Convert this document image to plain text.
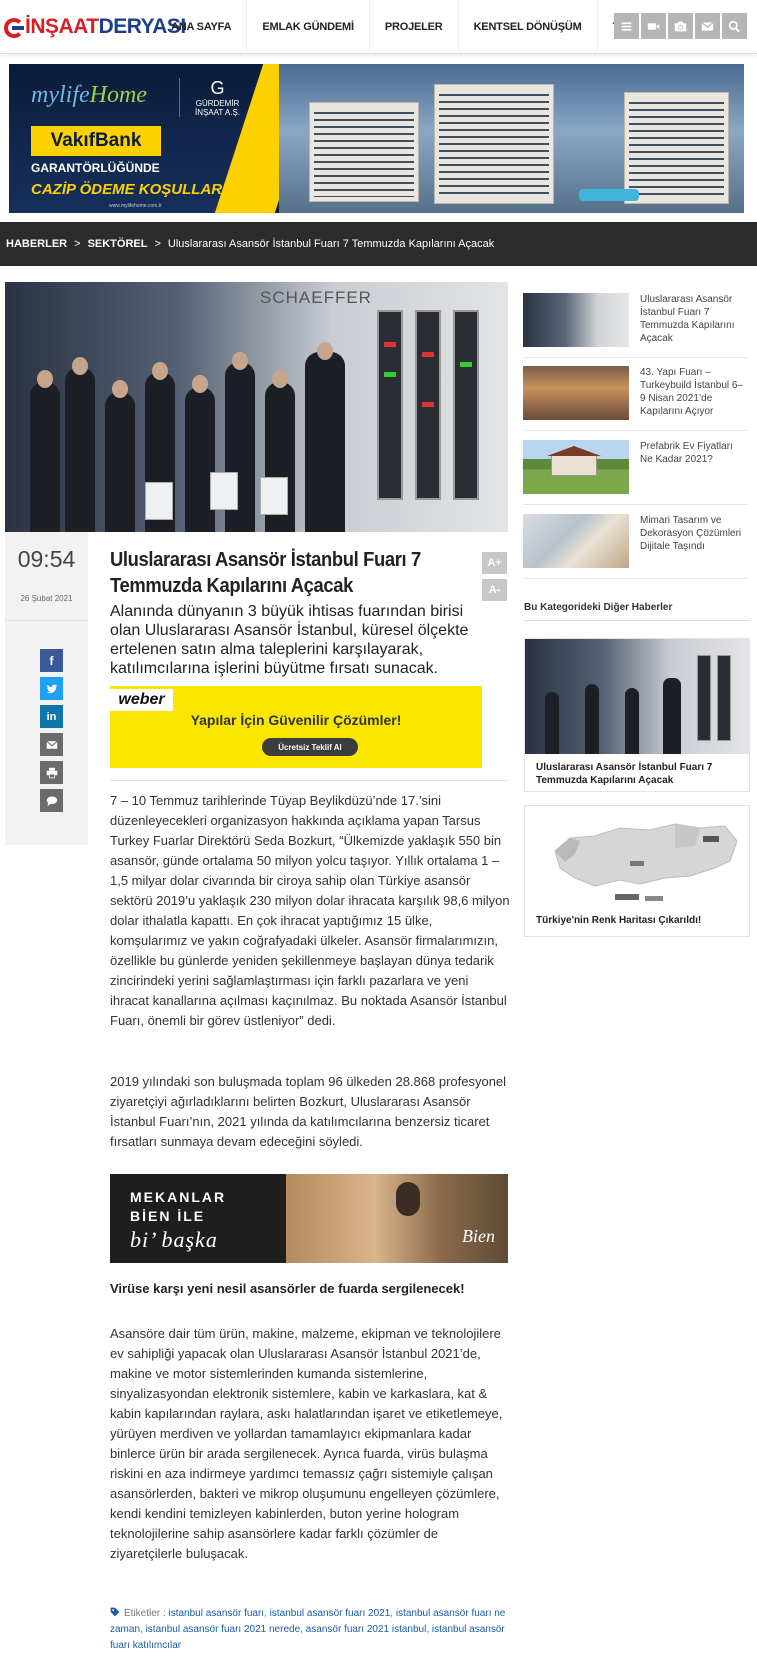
İNŞAAT DERYASI
ANA SAYFA	EMLAK GÜNDEMİ	PROJELER	KENTSEL DÖNÜŞÜM
mylifeHome	G
GÜRDEMİR İNŞAAT A.Ş.
VakıfBank
GARANTÖRLÜĞÜNDE
CAZİP ÖDEME KOŞULLARI
www.mylifehome.com.tr
HABERLER > SEKTÖREL > Uluslararası Asansör İstanbul Fuarı 7 Temmuzda Kapılarını Açacak
SCHAEFFER
09:54
26 Şubat 2021
f
in
Uluslararası Asansör İstanbul Fuarı 7 Temmuzda Kapılarını Açacak
A+
A-
Alanında dünyanın 3 büyük ihtisas fuarından birisi olan Uluslararası Asansör İstanbul, küresel ölçekte ertelenen satın alma taleplerini karşılayarak, katılımcılarına işlerini büyütme fırsatı sunacak.
weber
Yapılar İçin Güvenilir Çözümler!
Ücretsiz Teklif Al
7 – 10 Temmuz tarihlerinde Tüyap Beylikdüzü’nde 17.’sini düzenleyecekleri organizasyon hakkında açıklama yapan Tarsus Turkey Fuarlar Direktörü Seda Bozkurt, “Ülkemizde yaklaşık 550 bin asansör, günde ortalama 50 milyon yolcu taşıyor. Yıllık ortalama 1 – 1,5 milyar dolar civarında bir ciroya sahip olan Türkiye asansör sektörü 2019’u yaklaşık 230 milyon dolar ihracata karşılık 98,6 milyon dolar ithalatla kapattı. En çok ihracat yaptığımız 15 ülke, komşularımız ve yakın coğrafyadaki ülkeler. Asansör firmalarımızın, özellikle bu günlerde yeniden şekillenmeye başlayan dünya tedarik zincirindeki yerini sağlamlaştırması için farklı pazarlara ve yeni ihracat kanallarına açılması kaçınılmaz. Bu noktada Asansör İstanbul Fuarı, önemli bir görev üstleniyor” dedi.
2019 yılındaki son buluşmada toplam 96 ülkeden 28.868 profesyonel ziyaretçiyi ağırladıklarını belirten Bozkurt, Uluslararası Asansör İstanbul Fuarı’nın, 2021 yılında da katılımcılarına benzersiz ticaret fırsatları sunmaya devam edeceğini söyledi.
MEKANLAR
BİEN İLE
bi’ başka	Bien
Virüse karşı yeni nesil asansörler de fuarda sergilenecek!
Asansöre dair tüm ürün, makine, malzeme, ekipman ve teknolojilere ev sahipliği yapacak olan Uluslararası Asansör İstanbul 2021’de, makine ve motor sistemlerinden kumanda sistemlerine, sinyalizasyondan elektronik sistemlere, kabin ve karkaslara, kat & kabin kapılarından raylara, askı halatlarından işaret ve etiketlemeye, yürüyen merdiven ve yollardan tamamlayıcı ekipmanlara kadar binlerce ürün bir arada sergilenecek. Ayrıca fuarda, virüs bulaşma riskini en aza indirmeye yardımcı temassız çağrı sistemiyle çalışan asansörlerden, bakteri ve mikrop oluşumunu engelleyen çözümlere, kendi kendini temizleyen kabinlerden, buton yerine hologram teknolojilerine sahip asansörlere kadar farklı çözümler de ziyaretçilerle buluşacak.
Etiketler : istanbul asansör fuarı, istanbul asansör fuarı 2021, istanbul asansör fuarı ne zaman, istanbul asansör fuarı 2021 nerede, asansör fuarı 2021 istanbul, istanbul asansör fuarı katılımcılar
Uluslararası Asansör İstanbul Fuarı 7 Temmuzda Kapılarını Açacak
43. Yapı Fuarı – Turkeybuild İstanbul 6–9 Nisan 2021’de Kapılarını Açıyor
Prefabrik Ev Fiyatları Ne Kadar 2021?
Mimari Tasarım ve Dekorasyon Çözümleri Dijitale Taşındı
Bu Kategorideki Diğer Haberler
Uluslararası Asansör İstanbul Fuarı 7 Temmuzda Kapılarını Açacak
Türkiye'nin Renk Haritası Çıkarıldı!
